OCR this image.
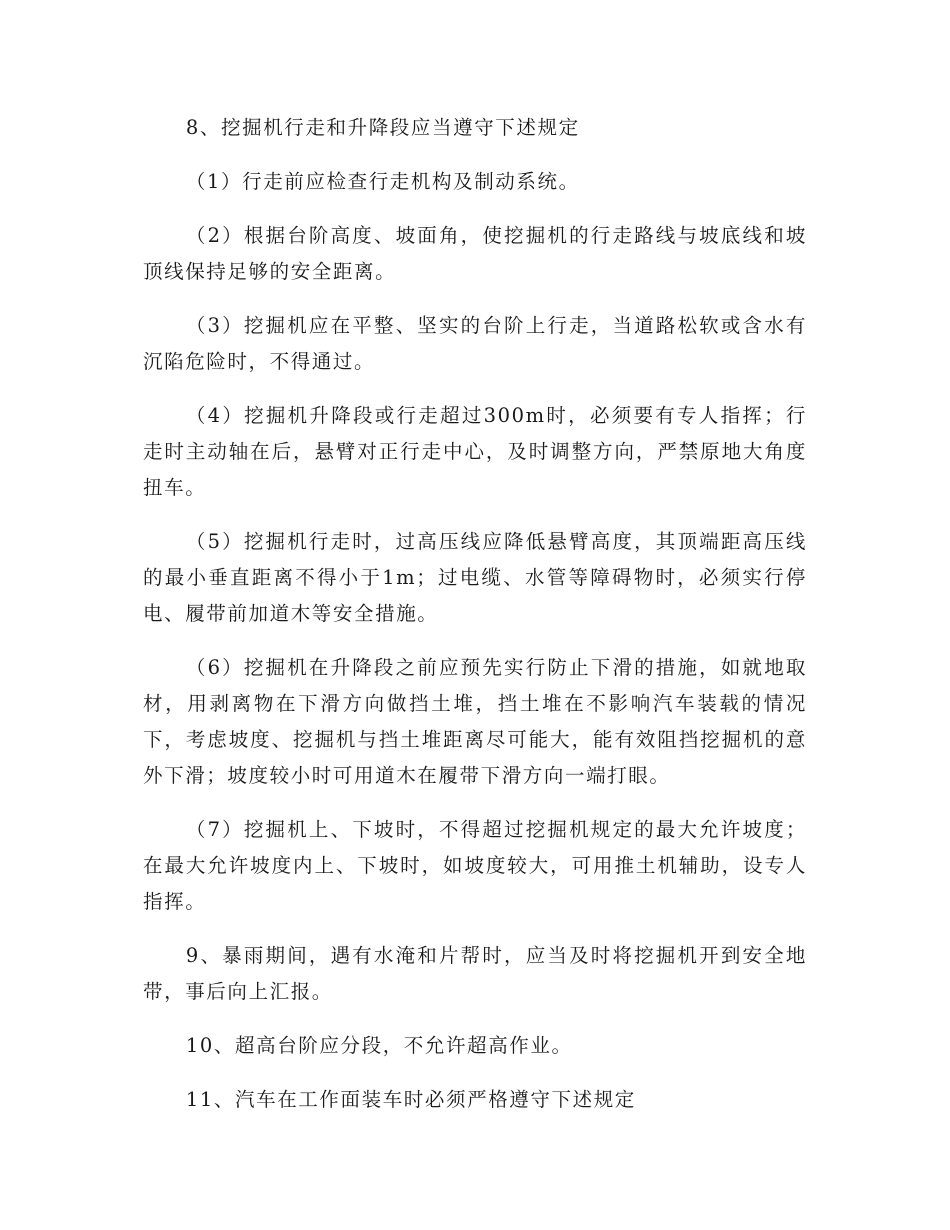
8、挖掘机行走和升降段应当遵守下述规定

（1）行走前应检查行走机构及制动系统。

（2）根据台阶高度、坡面角，使挖掘机的行走路线与坡底线和坡顶线保持足够的安全距离。

（3）挖掘机应在平整、坚实的台阶上行走，当道路松软或含水有沉陷危险时，不得通过。

（4）挖掘机升降段或行走超过300m时，必须要有专人指挥；行走时主动轴在后，悬臂对正行走中心，及时调整方向，严禁原地大角度扭车。

（5）挖掘机行走时，过高压线应降低悬臂高度，其顶端距高压线的最小垂直距离不得小于1m；过电缆、水管等障碍物时，必须实行停电、履带前加道木等安全措施。

（6）挖掘机在升降段之前应预先实行防止下滑的措施，如就地取材，用剥离物在下滑方向做挡土堆，挡土堆在不影响汽车装载的情况下，考虑坡度、挖掘机与挡土堆距离尽可能大，能有效阻挡挖掘机的意外下滑；坡度较小时可用道木在履带下滑方向一端打眼。

（7）挖掘机上、下坡时，不得超过挖掘机规定的最大允许坡度；在最大允许坡度内上、下坡时，如坡度较大，可用推土机辅助，设专人指挥。

9、暴雨期间，遇有水淹和片帮时，应当及时将挖掘机开到安全地带，事后向上汇报。

10、超高台阶应分段，不允许超高作业。

11、汽车在工作面装车时必须严格遵守下述规定
